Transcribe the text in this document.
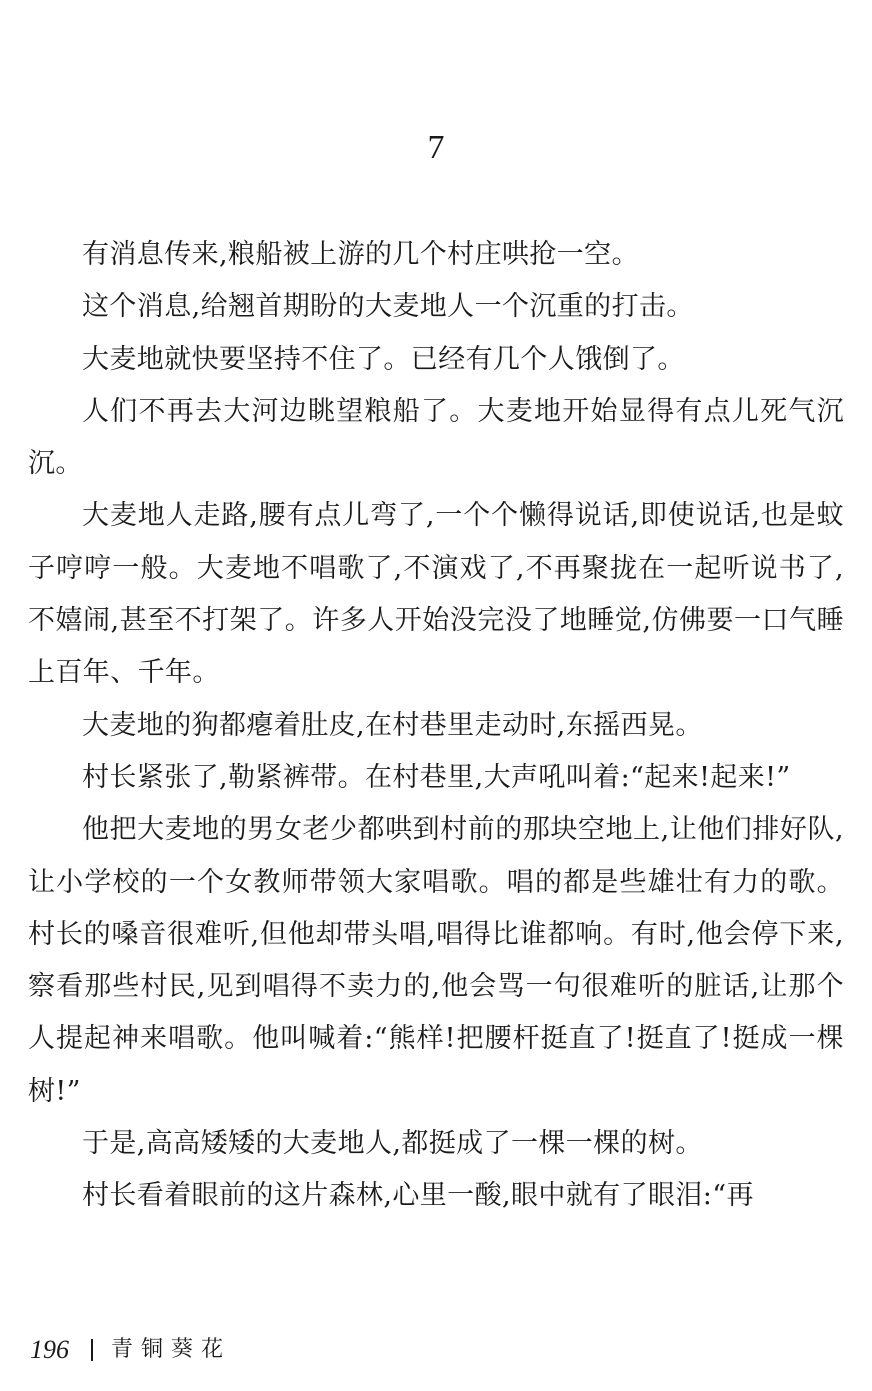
7

有消息传来,粮船被上游的几个村庄哄抢一空。

这个消息,给翘首期盼的大麦地人一个沉重的打击。

大麦地就快要坚持不住了。已经有几个人饿倒了。

人们不再去大河边眺望粮船了。大麦地开始显得有点儿死气沉沉。

大麦地人走路,腰有点儿弯了,一个个懒得说话,即使说话,也是蚊子哼哼一般。大麦地不唱歌了,不演戏了,不再聚拢在一起听说书了,不嬉闹,甚至不打架了。许多人开始没完没了地睡觉,仿佛要一口气睡上百年、千年。

大麦地的狗都瘪着肚皮,在村巷里走动时,东摇西晃。

村长紧张了,勒紧裤带。在村巷里,大声吼叫着:“起来!起来!”

他把大麦地的男女老少都哄到村前的那块空地上,让他们排好队,让小学校的一个女教师带领大家唱歌。唱的都是些雄壮有力的歌。村长的嗓音很难听,但他却带头唱,唱得比谁都响。有时,他会停下来,察看那些村民,见到唱得不卖力的,他会骂一句很难听的脏话,让那个人提起神来唱歌。他叫喊着:“熊样!把腰杆挺直了!挺直了!挺成一棵树!”

于是,高高矮矮的大麦地人,都挺成了一棵一棵的树。

村长看着眼前的这片森林,心里一酸,眼中就有了眼泪:“再

196 青铜葵花
